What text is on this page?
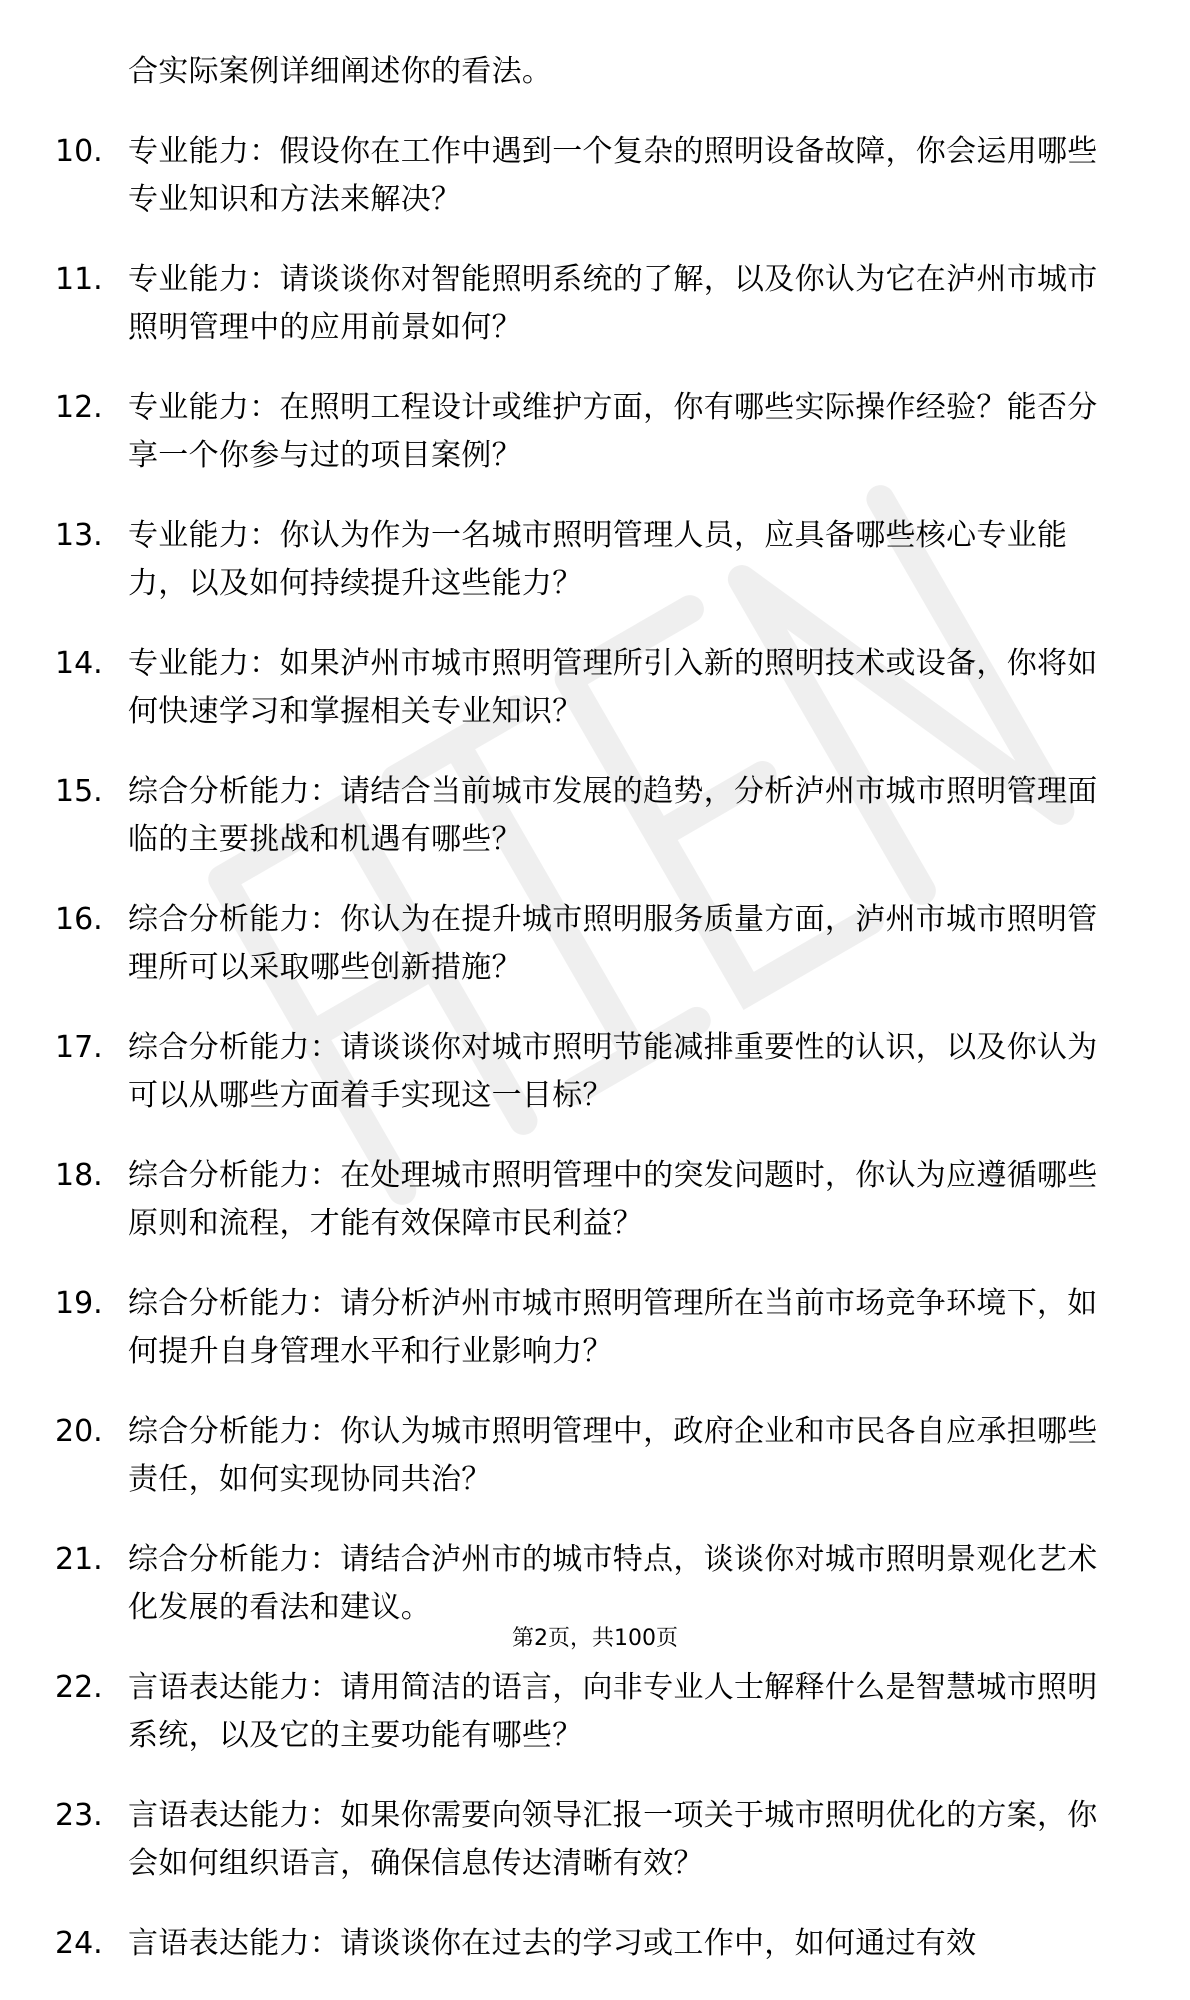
合实际案例详细阐述你的看法。
10. 专业能力：假设你在工作中遇到一个复杂的照明设备故障，你会运用哪些专业知识和方法来解决？
11. 专业能力：请谈谈你对智能照明系统的了解，以及你认为它在泸州市城市照明管理中的应用前景如何？
12. 专业能力：在照明工程设计或维护方面，你有哪些实际操作经验？能否分享一个你参与过的项目案例？
13. 专业能力：你认为作为一名城市照明管理人员，应具备哪些核心专业能力，以及如何持续提升这些能力？
14. 专业能力：如果泸州市城市照明管理所引入新的照明技术或设备，你将如何快速学习和掌握相关专业知识？
15. 综合分析能力：请结合当前城市发展的趋势，分析泸州市城市照明管理面临的主要挑战和机遇有哪些？
16. 综合分析能力：你认为在提升城市照明服务质量方面，泸州市城市照明管理所可以采取哪些创新措施？
17. 综合分析能力：请谈谈你对城市照明节能减排重要性的认识，以及你认为可以从哪些方面着手实现这一目标？
18. 综合分析能力：在处理城市照明管理中的突发问题时，你认为应遵循哪些原则和流程，才能有效保障市民利益？
19. 综合分析能力：请分析泸州市城市照明管理所在当前市场竞争环境下，如何提升自身管理水平和行业影响力？
20. 综合分析能力：你认为城市照明管理中，政府企业和市民各自应承担哪些责任，如何实现协同共治？
21. 综合分析能力：请结合泸州市的城市特点，谈谈你对城市照明景观化艺术化发展的看法和建议。
22. 言语表达能力：请用简洁的语言，向非专业人士解释什么是智慧城市照明系统，以及它的主要功能有哪些？
23. 言语表达能力：如果你需要向领导汇报一项关于城市照明优化的方案，你会如何组织语言，确保信息传达清晰有效？
24. 言语表达能力：请谈谈你在过去的学习或工作中，如何通过有效
第2页，共100页
